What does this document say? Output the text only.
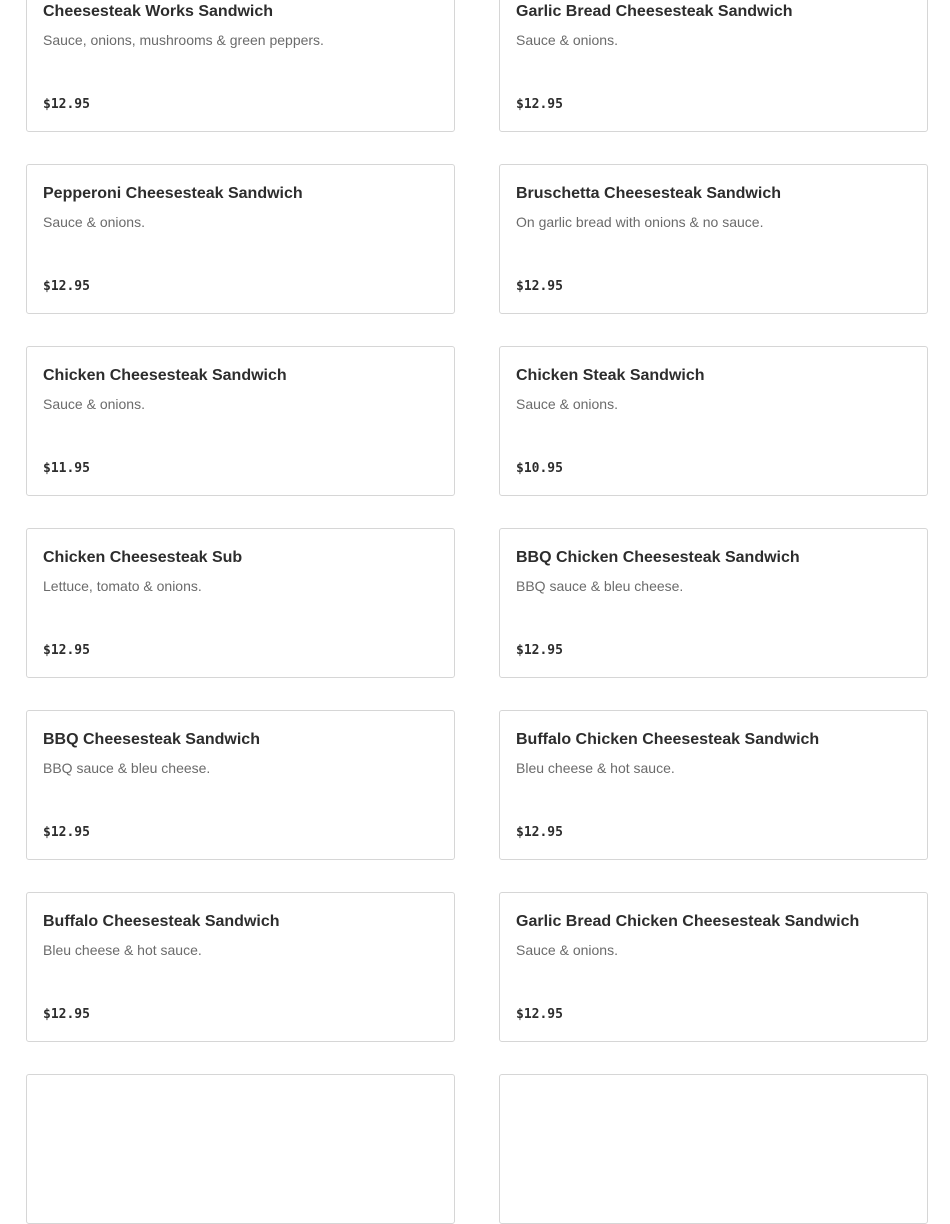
Cheesesteak Works Sandwich
Sauce, onions, mushrooms & green peppers.
$12.95
Garlic Bread Cheesesteak Sandwich
Sauce & onions.
$12.95
Pepperoni Cheesesteak Sandwich
Sauce & onions.
$12.95
Bruschetta Cheesesteak Sandwich
On garlic bread with onions & no sauce.
$12.95
Chicken Cheesesteak Sandwich
Sauce & onions.
$11.95
Chicken Steak Sandwich
Sauce & onions.
$10.95
Chicken Cheesesteak Sub
Lettuce, tomato & onions.
$12.95
BBQ Chicken Cheesesteak Sandwich
BBQ sauce & bleu cheese.
$12.95
BBQ Cheesesteak Sandwich
BBQ sauce & bleu cheese.
$12.95
Buffalo Chicken Cheesesteak Sandwich
Bleu cheese & hot sauce.
$12.95
Buffalo Cheesesteak Sandwich
Bleu cheese & hot sauce.
$12.95
Garlic Bread Chicken Cheesesteak Sandwich
Sauce & onions.
$12.95
